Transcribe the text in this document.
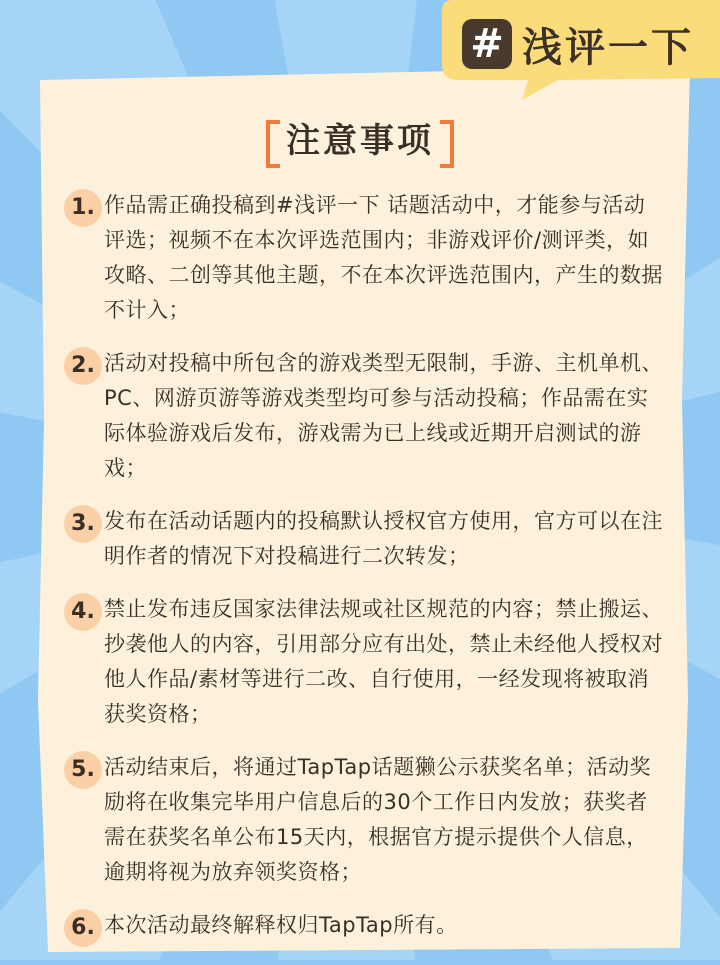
# 浅评一下
注意事项
1. 作品需正确投稿到#浅评一下 话题活动中，才能参与活动评选；视频不在本次评选范围内；非游戏评价/测评类，如攻略、二创等其他主题，不在本次评选范围内，产生的数据不计入；
2. 活动对投稿中所包含的游戏类型无限制，手游、主机单机、PC、网游页游等游戏类型均可参与活动投稿；作品需在实际体验游戏后发布，游戏需为已上线或近期开启测试的游戏；
3. 发布在活动话题内的投稿默认授权官方使用，官方可以在注明作者的情况下对投稿进行二次转发；
4. 禁止发布违反国家法律法规或社区规范的内容；禁止搬运、抄袭他人的内容，引用部分应有出处，禁止未经他人授权对他人作品/素材等进行二改、自行使用，一经发现将被取消获奖资格；
5. 活动结束后，将通过TapTap话题獭公示获奖名单；活动奖励将在收集完毕用户信息后的30个工作日内发放；获奖者需在获奖名单公布15天内，根据官方提示提供个人信息，逾期将视为放弃领奖资格；
6. 本次活动最终解释权归TapTap所有。
